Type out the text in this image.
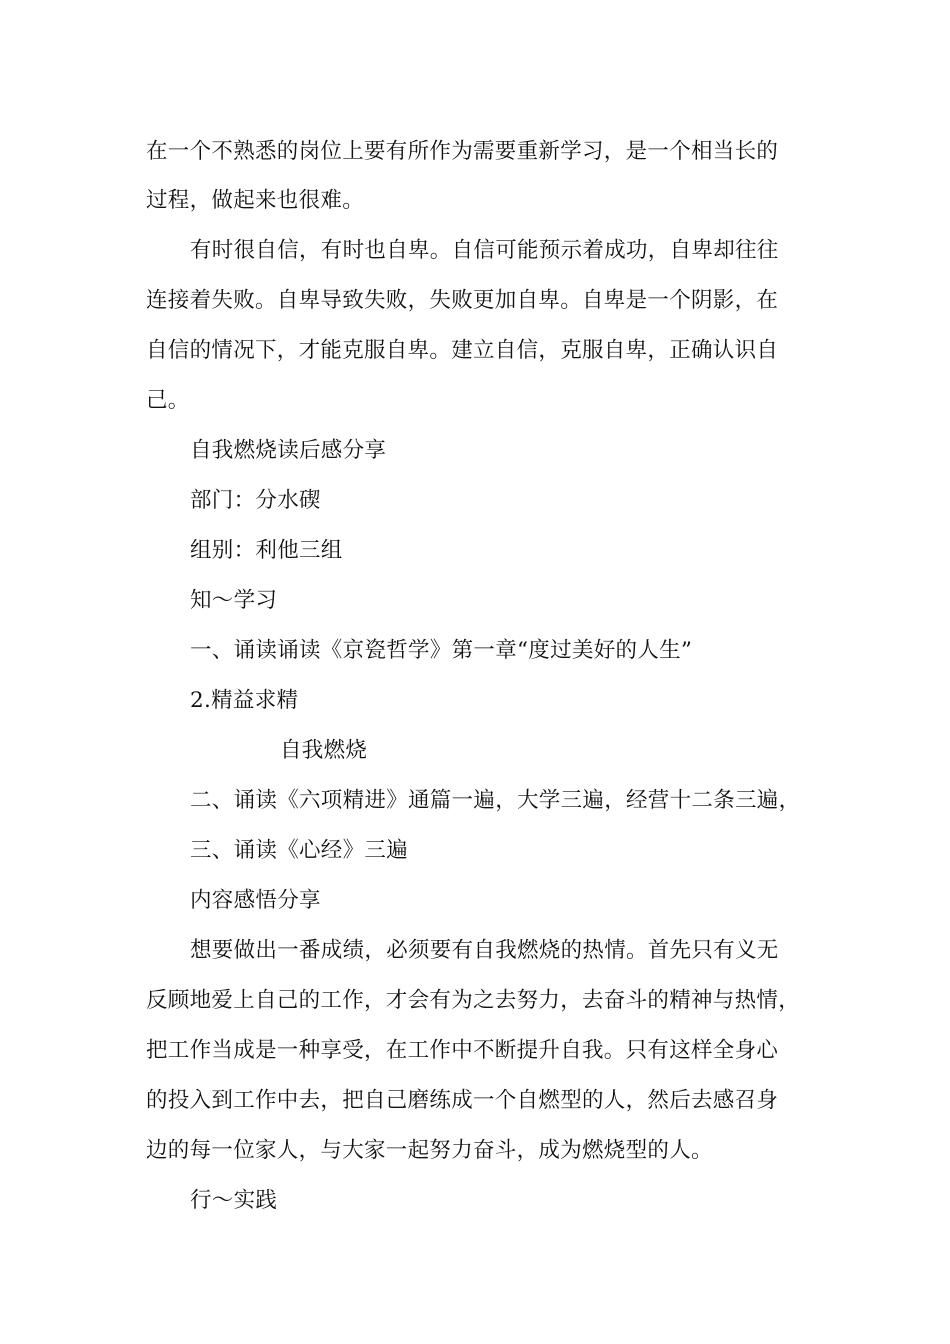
在一个不熟悉的岗位上要有所作为需要重新学习，是一个相当长的
过程，做起来也很难。
有时很自信，有时也自卑。自信可能预示着成功，自卑却往往
连接着失败。自卑导致失败，失败更加自卑。自卑是一个阴影，在
自信的情况下，才能克服自卑。建立自信，克服自卑，正确认识自
己。
自我燃烧读后感分享
部门：分水碶
组别：利他三组
知～学习
一、诵读诵读《京瓷哲学》第一章“度过美好的人生”
2.精益求精
自我燃烧
二、诵读《六项精进》通篇一遍，大学三遍，经营十二条三遍，
三、诵读《心经》三遍
内容感悟分享
想要做出一番成绩，必须要有自我燃烧的热情。首先只有义无
反顾地爱上自己的工作，才会有为之去努力，去奋斗的精神与热情，
把工作当成是一种享受，在工作中不断提升自我。只有这样全身心
的投入到工作中去，把自己磨练成一个自燃型的人，然后去感召身
边的每一位家人，与大家一起努力奋斗，成为燃烧型的人。
行～实践
